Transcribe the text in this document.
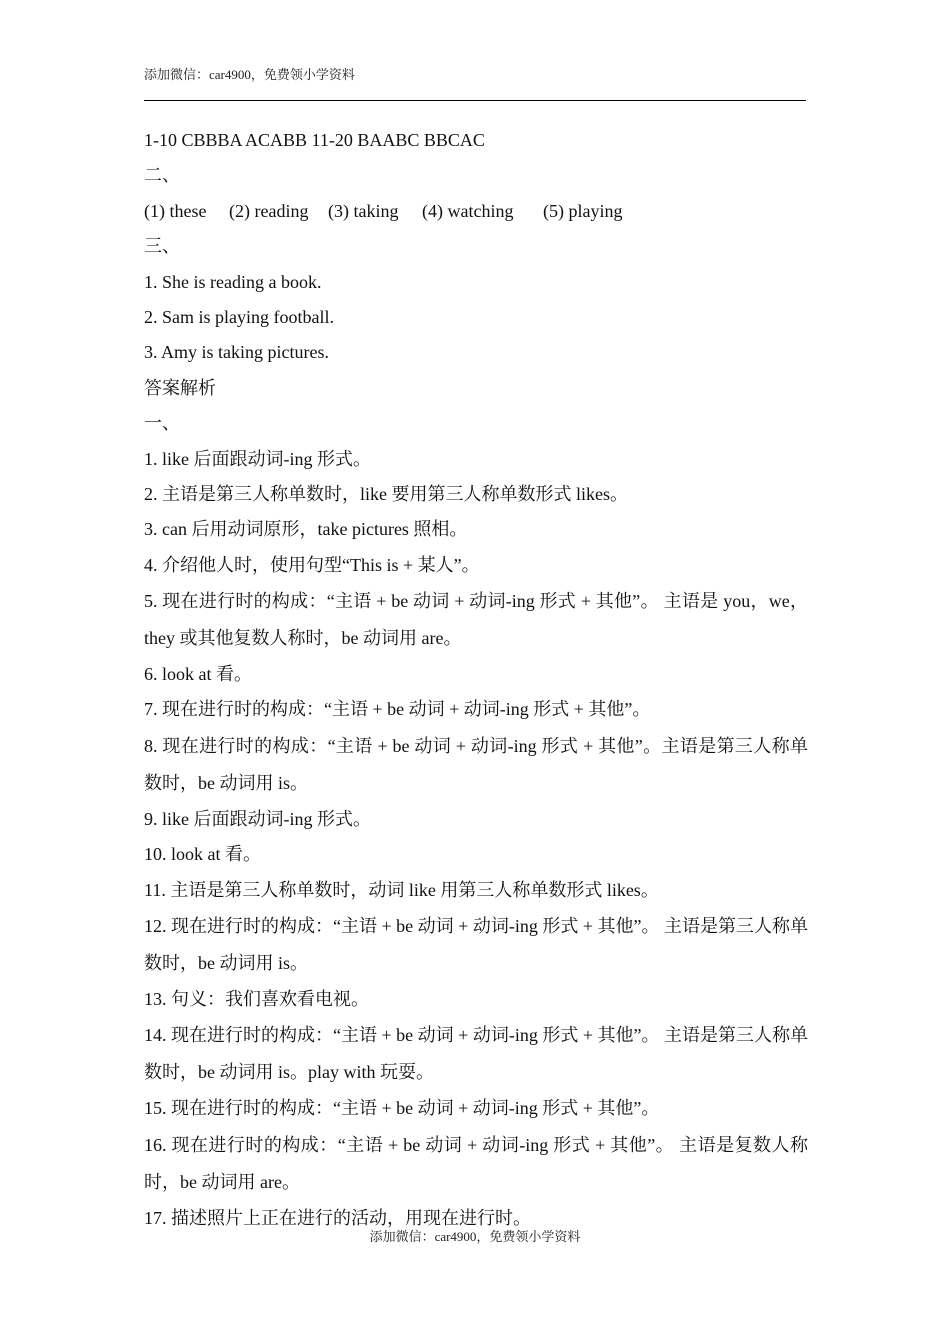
添加微信：car4900，免费领小学资料
1-10 CBBBA ACABB 11-20 BAABC BBCAC
二、
(1) these (2) reading (3) taking (4) watching (5) playing
三、
1. She is reading a book.
2. Sam is playing football.
3. Amy is taking pictures.
答案解析
一、
1. like 后面跟动词-ing 形式。
2. 主语是第三人称单数时，like 要用第三人称单数形式 likes。
3. can 后用动词原形，take pictures 照相。
4. 介绍他人时，使用句型“This is + 某人”。
5. 现在进行时的构成：“主语 + be 动词 + 动词-ing 形式 + 其他”。 主语是 you，we，they 或其他复数人称时，be 动词用 are。
6. look at 看。
7. 现在进行时的构成：“主语 + be 动词 + 动词-ing 形式 + 其他”。
8. 现在进行时的构成：“主语 + be 动词 + 动词-ing 形式 + 其他”。主语是第三人称单数时，be 动词用 is。
9. like 后面跟动词-ing 形式。
10. look at 看。
11. 主语是第三人称单数时，动词 like 用第三人称单数形式 likes。
12. 现在进行时的构成：“主语 + be 动词 + 动词-ing 形式 + 其他”。 主语是第三人称单数时，be 动词用 is。
13. 句义：我们喜欢看电视。
14. 现在进行时的构成：“主语 + be 动词 + 动词-ing 形式 + 其他”。 主语是第三人称单数时，be 动词用 is。play with 玩耍。
15. 现在进行时的构成：“主语 + be 动词 + 动词-ing 形式 + 其他”。
16. 现在进行时的构成：“主语 + be 动词 + 动词-ing 形式 + 其他”。 主语是复数人称时，be 动词用 are。
17. 描述照片上正在进行的活动，用现在进行时。
添加微信：car4900，免费领小学资料
